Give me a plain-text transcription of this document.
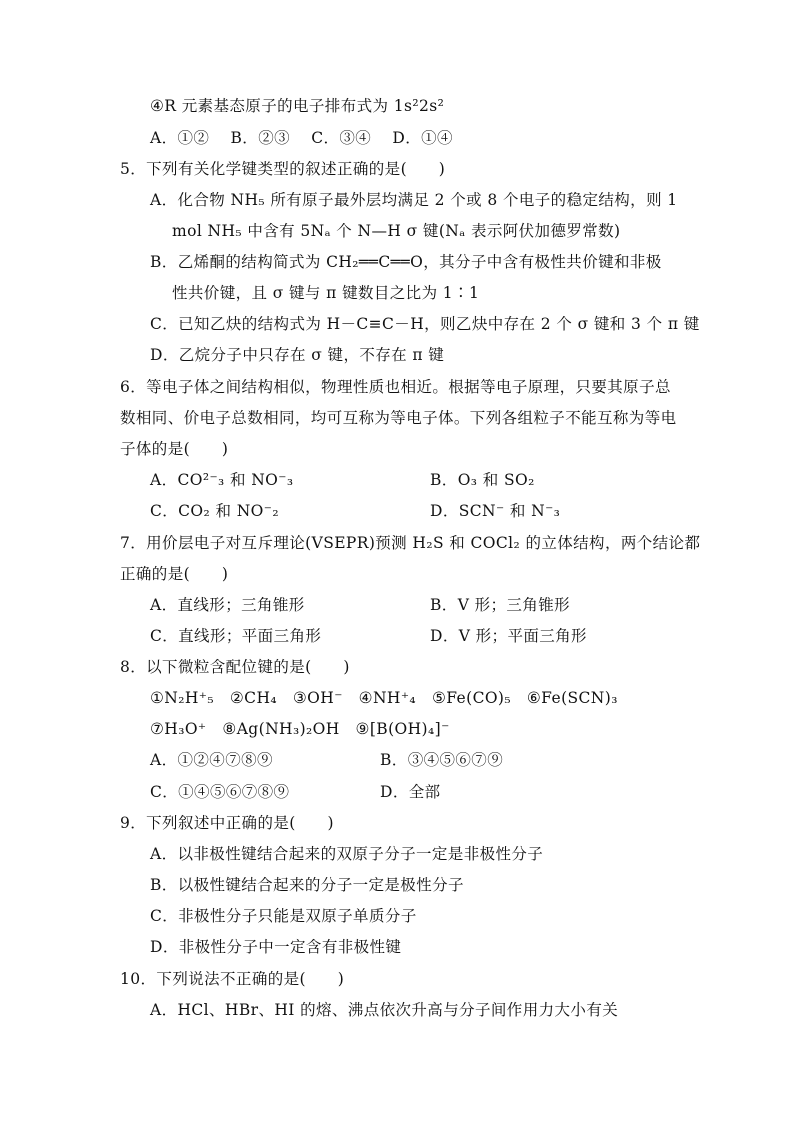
④R 元素基态原子的电子排布式为 1s²2s²
A．①②　 B．②③　 C．③④　 D．①④
5．下列有关化学键类型的叙述正确的是(　　)
A．化合物 NH₅ 所有原子最外层均满足 2 个或 8 个电子的稳定结构，则 1
mol NH₅ 中含有 5Nₐ 个 N—H σ 键(Nₐ 表示阿伏加德罗常数)
B．乙烯酮的结构简式为 CH₂══C══O，其分子中含有极性共价键和非极
性共价键，且 σ 键与 π 键数目之比为 1∶1
C．已知乙炔的结构式为 H－C≡C－H，则乙炔中存在 2 个 σ 键和 3 个 π 键
D．乙烷分子中只存在 σ 键，不存在 π 键
6．等电子体之间结构相似，物理性质也相近。根据等电子原理，只要其原子总
数相同、价电子总数相同，均可互称为等电子体。下列各组粒子不能互称为等电
子体的是(　　)
A．CO²⁻₃ 和 NO⁻₃	B．O₃ 和 SO₂
C．CO₂ 和 NO⁻₂	D．SCN⁻ 和 N⁻₃
7．用价层电子对互斥理论(VSEPR)预测 H₂S 和 COCl₂ 的立体结构，两个结论都
正确的是(　　)
A．直线形；三角锥形	B．V 形；三角锥形
C．直线形；平面三角形	D．V 形；平面三角形
8．以下微粒含配位键的是(　　)
①N₂H⁺₅　②CH₄　③OH⁻　④NH⁺₄　⑤Fe(CO)₅　⑥Fe(SCN)₃
⑦H₃O⁺　⑧Ag(NH₃)₂OH　⑨[B(OH)₄]⁻
A．①②④⑦⑧⑨	B．③④⑤⑥⑦⑨
C．①④⑤⑥⑦⑧⑨	D．全部
9．下列叙述中正确的是(　　)
A．以非极性键结合起来的双原子分子一定是非极性分子
B．以极性键结合起来的分子一定是极性分子
C．非极性分子只能是双原子单质分子
D．非极性分子中一定含有非极性键
10．下列说法不正确的是(　　)
A．HCl、HBr、HI 的熔、沸点依次升高与分子间作用力大小有关
